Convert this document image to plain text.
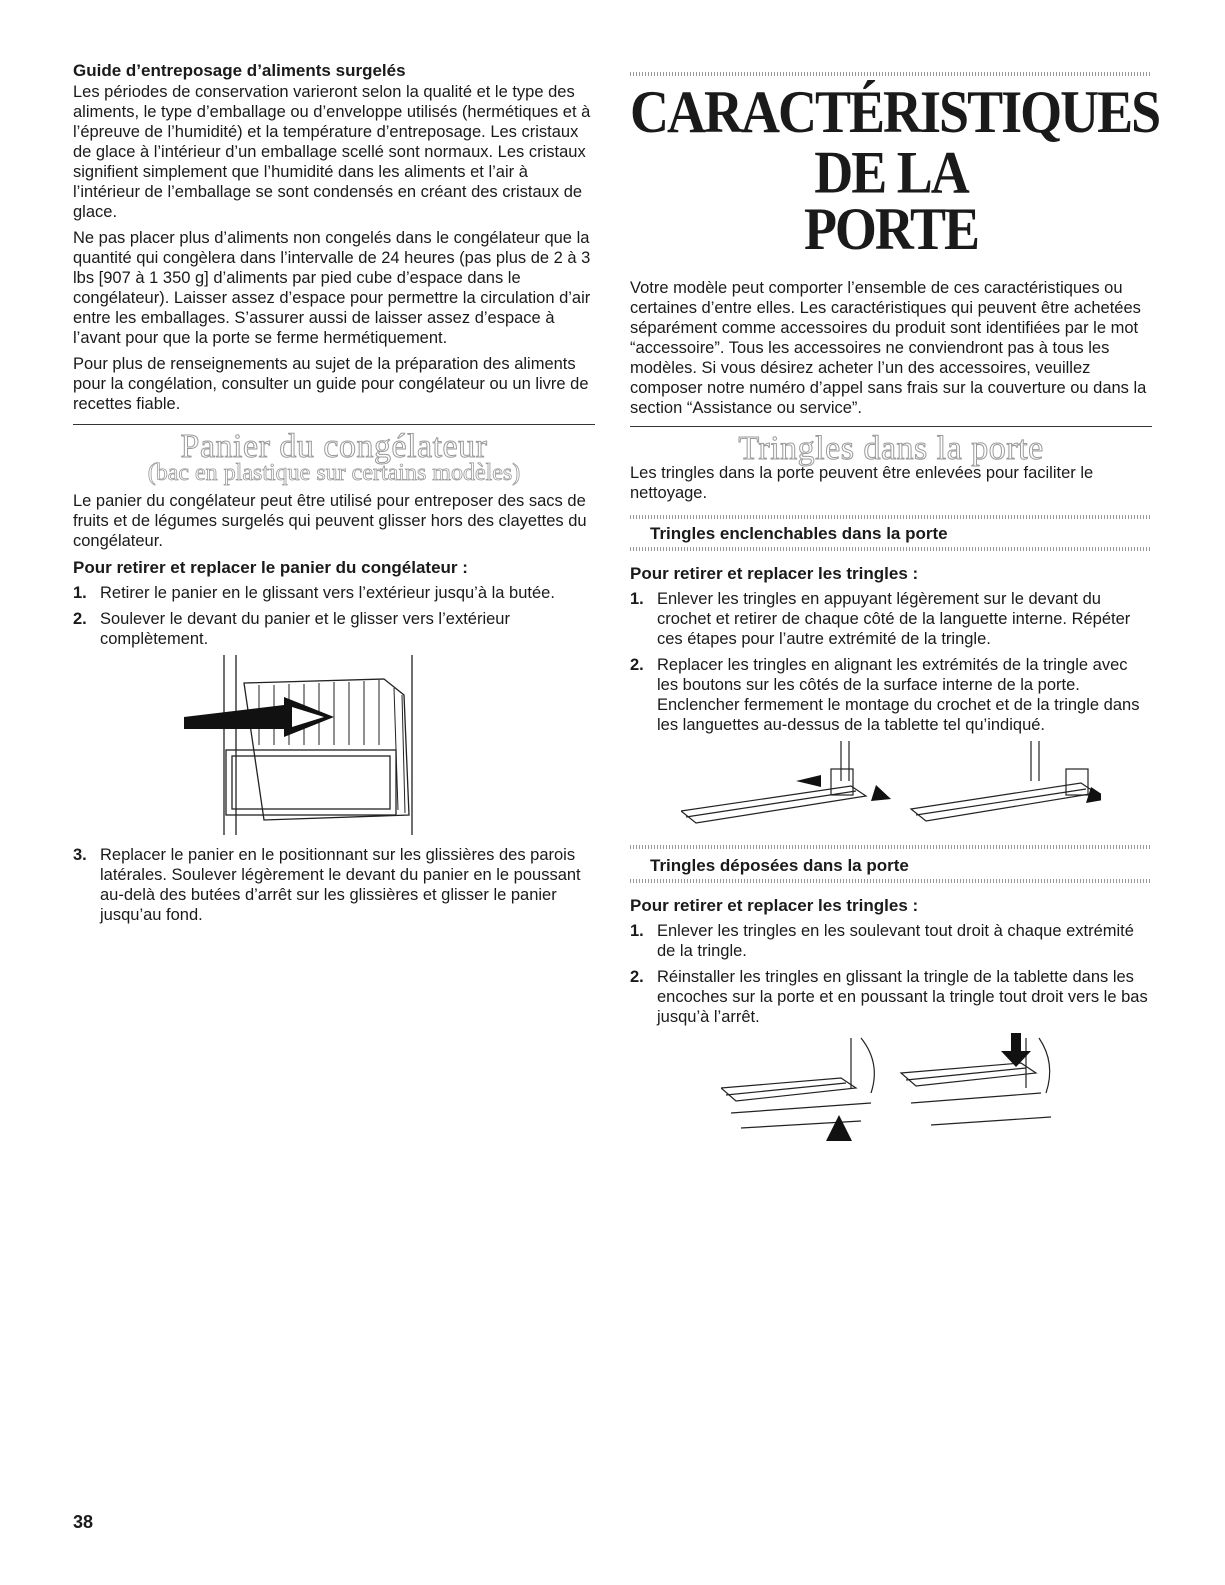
Guide d’entreposage d’aliments surgelés

Les périodes de conservation varieront selon la qualité et le type des aliments, le type d’emballage ou d’enveloppe utilisés (hermétiques et à l’épreuve de l’humidité) et la température d’entreposage. Les cristaux de glace à l’intérieur d’un emballage scellé sont normaux. Les cristaux signifient simplement que l’humidité dans les aliments et l’air à l’intérieur de l’emballage se sont condensés en créant des cristaux de glace.

Ne pas placer plus d’aliments non congelés dans le congélateur que la quantité qui congèlera dans l’intervalle de 24 heures (pas plus de 2 à 3 lbs [907 à 1 350 g] d’aliments par pied cube d’espace dans le congélateur). Laisser assez d’espace pour permettre la circulation d’air entre les emballages. S’assurer aussi de laisser assez d’espace à l’avant pour que la porte se ferme hermétiquement.

Pour plus de renseignements au sujet de la préparation des aliments pour la congélation, consulter un guide pour congélateur ou un livre de recettes fiable.

Panier du congélateur

(bac en plastique sur certains modèles)

Le panier du congélateur peut être utilisé pour entreposer des sacs de fruits et de légumes surgelés qui peuvent glisser hors des clayettes du congélateur.

Pour retirer et replacer le panier du congélateur :

1. Retirer le panier en le glissant vers l’extérieur jusqu’à la butée.
2. Soulever le devant du panier et le glisser vers l’extérieur complètement.
3. Replacer le panier en le positionnant sur les glissières des parois latérales. Soulever légèrement le devant du panier en le poussant au-delà des butées d’arrêt sur les glissières et glisser le panier jusqu’au fond.

CARACTÉRISTIQUES DE LA

PORTE

Votre modèle peut comporter l’ensemble de ces caractéristiques ou certaines d’entre elles. Les caractéristiques qui peuvent être achetées séparément comme accessoires du produit sont identifiées par le mot “accessoire”. Tous les accessoires ne conviendront pas à tous les modèles. Si vous désirez acheter l’un des accessoires, veuillez composer notre numéro d’appel sans frais sur la couverture ou dans la section “Assistance ou service”.

Tringles dans la porte

Les tringles dans la porte peuvent être enlevées pour faciliter le nettoyage.

Tringles enclenchables dans la porte

Pour retirer et replacer les tringles :

1. Enlever les tringles en appuyant légèrement sur le devant du crochet et retirer de chaque côté de la languette interne. Répéter ces étapes pour l’autre extrémité de la tringle.
2. Replacer les tringles en alignant les extrémités de la tringle avec les boutons sur les côtés de la surface interne de la porte. Enclencher fermement le montage du crochet et de la tringle dans les languettes au-dessus de la tablette tel qu’indiqué.

Tringles déposées dans la porte

Pour retirer et replacer les tringles :

1. Enlever les tringles en les soulevant tout droit à chaque extrémité de la tringle.
2. Réinstaller les tringles en glissant la tringle de la tablette dans les encoches sur la porte et en poussant la tringle tout droit vers le bas jusqu’à l’arrêt.
38
